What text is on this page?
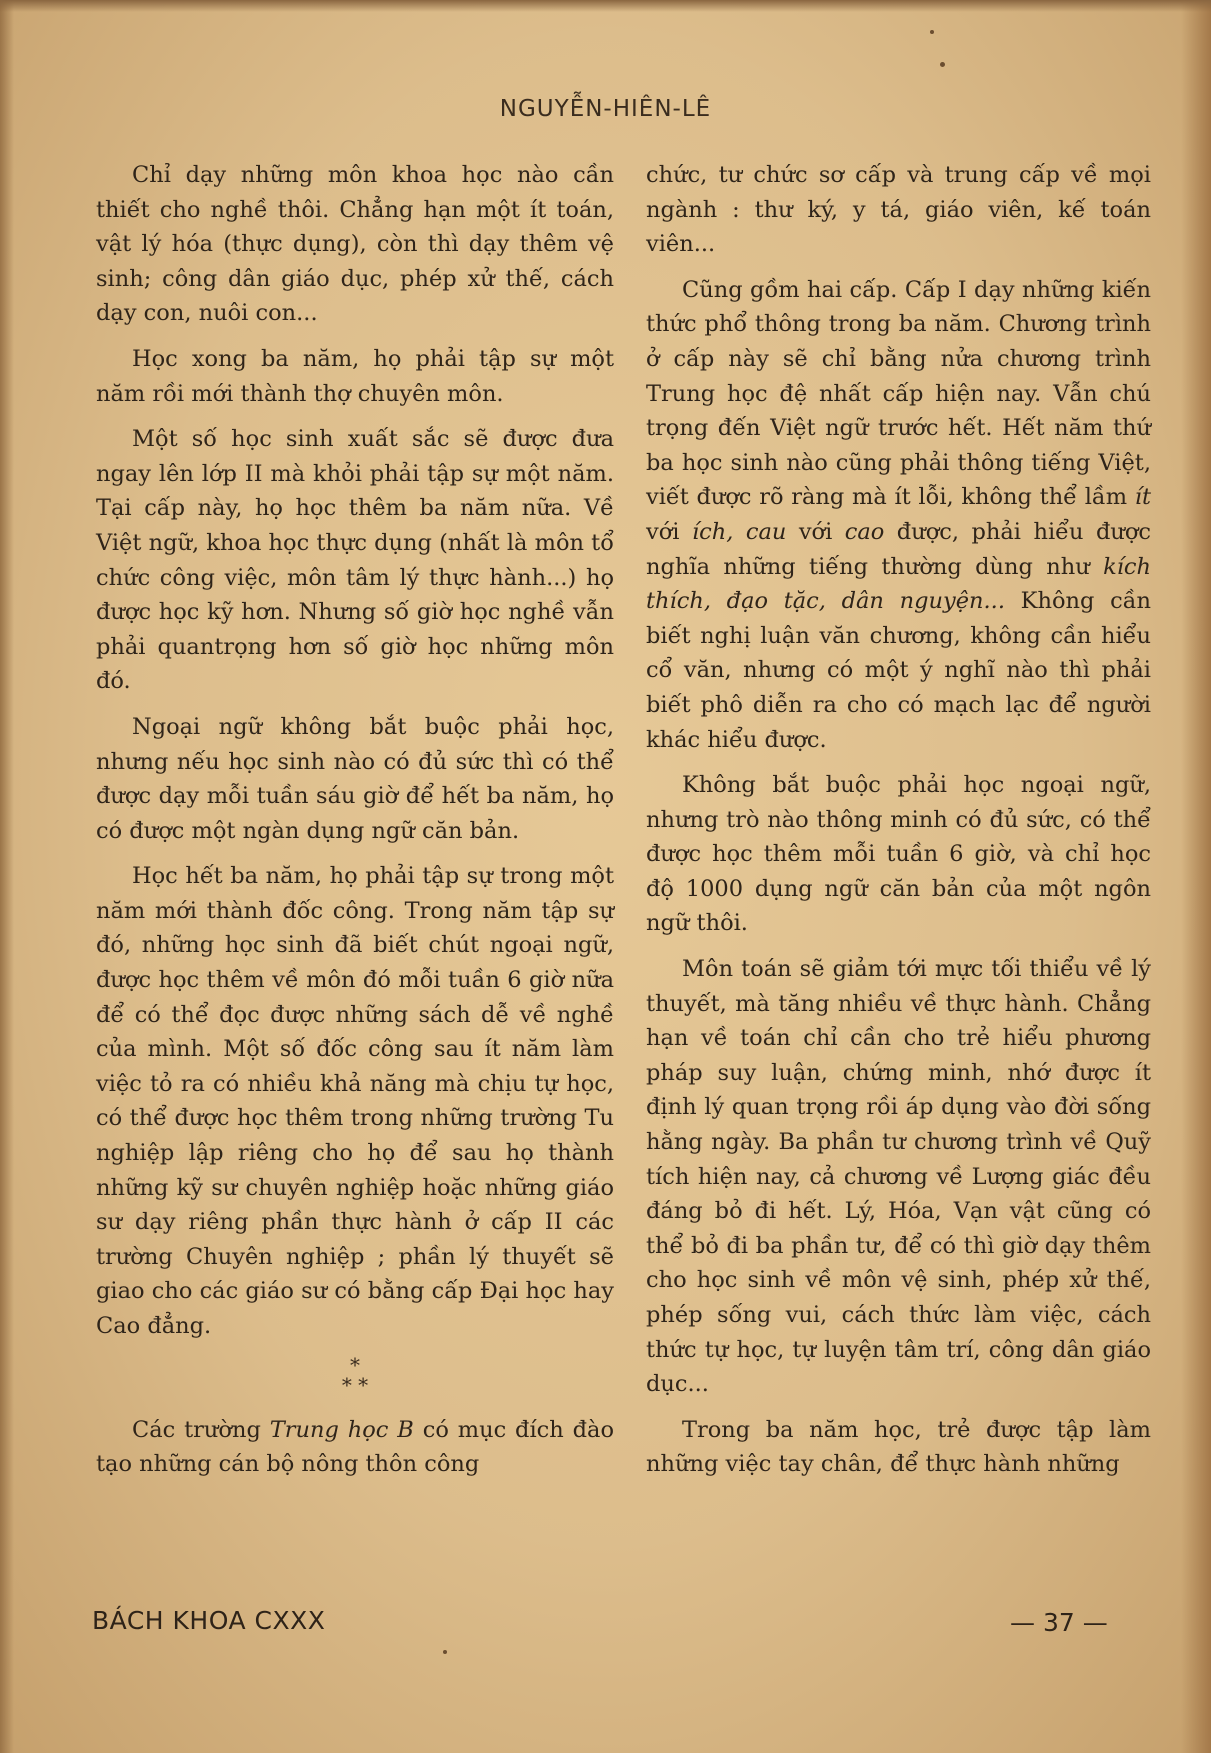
NGUYỄN-HIÊN-LÊ

Chỉ dạy những môn khoa học nào cần thiết cho nghề thôi. Chẳng hạn một ít toán, vật lý hóa (thực dụng), còn thì dạy thêm vệ sinh; công dân giáo dục, phép xử thế, cách dạy con, nuôi con...

Học xong ba năm, họ phải tập sự một năm rồi mới thành thợ chuyên môn.

Một số học sinh xuất sắc sẽ được đưa ngay lên lớp II mà khỏi phải tập sự một năm. Tại cấp này, họ học thêm ba năm nữa. Về Việt ngữ, khoa học thực dụng (nhất là môn tổ chức công việc, môn tâm lý thực hành...) họ được học kỹ hơn. Nhưng số giờ học nghề vẫn phải quantrọng hơn số giờ học những môn đó.

Ngoại ngữ không bắt buộc phải học, nhưng nếu học sinh nào có đủ sức thì có thể được dạy mỗi tuần sáu giờ để hết ba năm, họ có được một ngàn dụng ngữ căn bản.

Học hết ba năm, họ phải tập sự trong một năm mới thành đốc công. Trong năm tập sự đó, những học sinh đã biết chút ngoại ngữ, được học thêm về môn đó mỗi tuần 6 giờ nữa để có thể đọc được những sách dễ về nghề của mình. Một số đốc công sau ít năm làm việc tỏ ra có nhiều khả năng mà chịu tự học, có thể được học thêm trong những trường Tu nghiệp lập riêng cho họ để sau họ thành những kỹ sư chuyên nghiệp hoặc những giáo sư dạy riêng phần thực hành ở cấp II các trường Chuyên nghiệp ; phần lý thuyết sẽ giao cho các giáo sư có bằng cấp Đại học hay Cao đẳng.

*
* *

Các trường Trung học B có mục đích đào tạo những cán bộ nông thôn công

chức, tư chức sơ cấp và trung cấp về mọi ngành : thư ký, y tá, giáo viên, kế toán viên...

Cũng gồm hai cấp. Cấp I dạy những kiến thức phổ thông trong ba năm. Chương trình ở cấp này sẽ chỉ bằng nửa chương trình Trung học đệ nhất cấp hiện nay. Vẫn chú trọng đến Việt ngữ trước hết. Hết năm thứ ba học sinh nào cũng phải thông tiếng Việt, viết được rõ ràng mà ít lỗi, không thể lầm ít với ích, cau với cao được, phải hiểu được nghĩa những tiếng thường dùng như kích thích, đạo tặc, dân nguyện... Không cần biết nghị luận văn chương, không cần hiểu cổ văn, nhưng có một ý nghĩ nào thì phải biết phô diễn ra cho có mạch lạc để người khác hiểu được.

Không bắt buộc phải học ngoại ngữ, nhưng trò nào thông minh có đủ sức, có thể được học thêm mỗi tuần 6 giờ, và chỉ học độ 1000 dụng ngữ căn bản của một ngôn ngữ thôi.

Môn toán sẽ giảm tới mực tối thiểu về lý thuyết, mà tăng nhiều về thực hành. Chẳng hạn về toán chỉ cần cho trẻ hiểu phương pháp suy luận, chứng minh, nhớ được ít định lý quan trọng rồi áp dụng vào đời sống hằng ngày. Ba phần tư chương trình về Quỹ tích hiện nay, cả chương về Lượng giác đều đáng bỏ đi hết. Lý, Hóa, Vạn vật cũng có thể bỏ đi ba phần tư, để có thì giờ dạy thêm cho học sinh về môn vệ sinh, phép xử thế, phép sống vui, cách thức làm việc, cách thức tự học, tự luyện tâm trí, công dân giáo dục...

Trong ba năm học, trẻ được tập làm những việc tay chân, để thực hành những

BÁCH KHOA CXXX	— 37 —
